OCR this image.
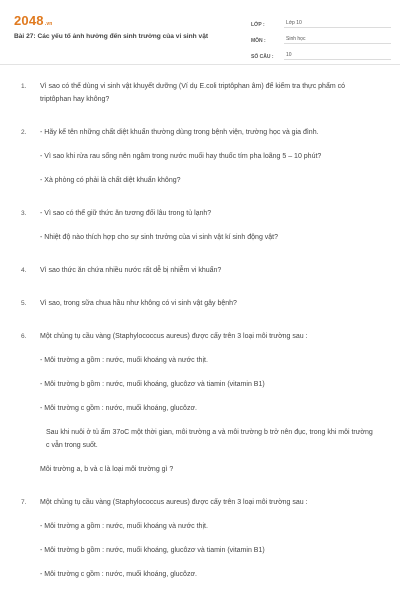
2048.vn
Bài 27: Các yếu tố ảnh hưởng đến sinh trưởng của vi sinh vật
LỚP :	Lớp 10
MÔN :	Sinh học
SỐ CÂU :	10
1. Vì sao có thể dùng vi sinh vật khuyết dưỡng (Ví dụ E.coli triptôphan âm) để kiểm tra thực phẩm có triptôphan hay không?

2. - Hãy kể tên những chất diệt khuẩn thường dùng trong bệnh viện, trường học và gia đình.

- Vì sao khi rửa rau sống nên ngâm trong nước muối hay thuốc tím pha loãng 5 – 10 phút?

- Xà phòng có phải là chất diệt khuẩn không?

3. - Vì sao có thể giữ thức ăn tương đối lâu trong tủ lạnh?

- Nhiệt độ nào thích hợp cho sự sinh trưởng của vi sinh vật kí sinh động vật?

4. Vì sao thức ăn chứa nhiều nước rất dễ bị nhiễm vi khuẩn?

5. Vì sao, trong sữa chua hầu như không có vi sinh vật gây bệnh?

6. Một chủng tụ cầu vàng (Staphylococcus aureus) được cấy trên 3 loại môi trường sau :

- Môi trường a gồm : nước, muối khoáng và nước thịt.

- Môi trường b gồm : nước, muối khoáng, glucôzơ và tiamin (vitamin B1)

- Môi trường c gồm : nước, muối khoáng, glucôzơ.

Sau khi nuôi ở tủ ấm 37oC một thời gian, môi trường a và môi trường b trở nên đục, trong khi môi trường c vẫn trong suốt.

Môi trường a, b và c là loại môi trường gì ?

7. Một chủng tụ cầu vàng (Staphylococcus aureus) được cấy trên 3 loại môi trường sau :

- Môi trường a gồm : nước, muối khoáng và nước thịt.

- Môi trường b gồm : nước, muối khoáng, glucôzơ và tiamin (vitamin B1)

- Môi trường c gồm : nước, muối khoáng, glucôzơ.
